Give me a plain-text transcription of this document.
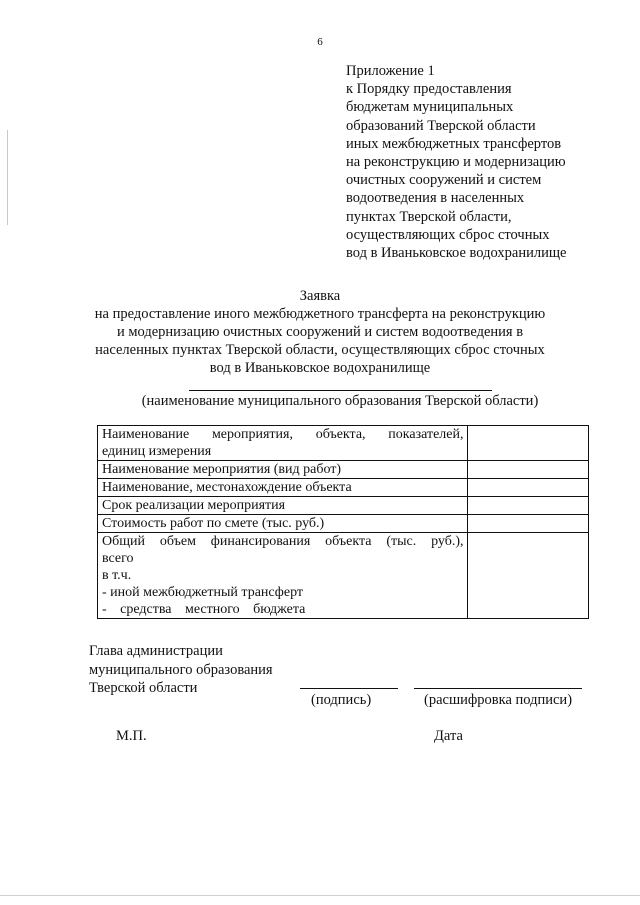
6
Приложение 1
к Порядку предоставления
бюджетам муниципальных
образований Тверской области
иных межбюджетных трансфертов
на реконструкцию и модернизацию
очистных сооружений и систем
водоотведения в населенных
пунктах Тверской области,
осуществляющих сброс сточных
вод в Иваньковское водохранилище
Заявка
на предоставление иного межбюджетного трансферта на реконструкцию
и модернизацию очистных сооружений и систем водоотведения в
населенных пунктах Тверской области, осуществляющих сброс сточных
вод в Иваньковское водохранилище
(наименование муниципального образования Тверской области)
Наименование мероприятия, объекта, показателей,
единиц измерения	

Наименование мероприятия (вид работ)	

Наименование, местонахождение объекта	

Срок реализации мероприятия	

Стоимость работ по смете (тыс. руб.)	

Общий объем финансирования объекта (тыс. руб.),
всего
в т.ч.
- иной межбюджетный трансферт
- средства местного бюджета	

Глава администрации
муниципального образования
Тверской области
(подпись)	(расшифровка подписи)
М.П.	Дата
